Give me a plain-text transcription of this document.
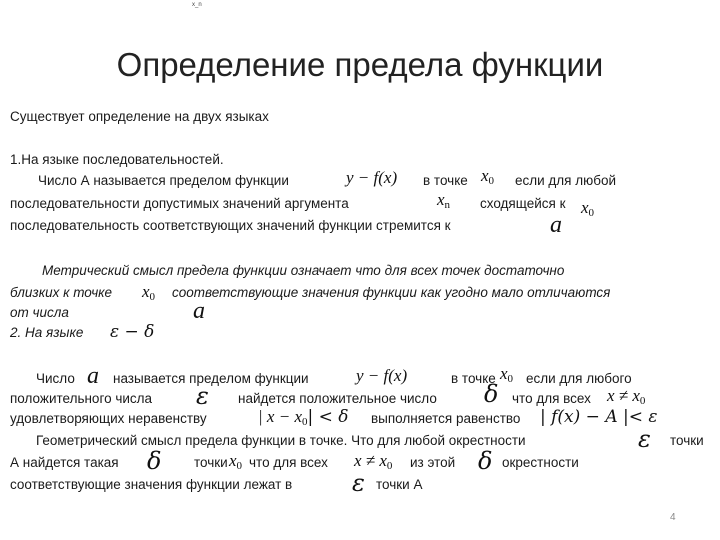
x_n
Определение предела функции
Существует определение на двух языках
1.На языке последовательностей.
Число А называется пределом функции	y − f(x) в точке $x_0$ если для любой
последовательности допустимых значений аргумента	$x_n$ сходящейся к $x_0$
последовательность соответствующих значений функции стремится к	a
Метрический смысл предела функции означает что для всех точек достаточно
близких к точке $x_0$ соответствующие значения функции как угодно мало отличаются
от числа	a
2. На языке ε − δ
Число a называется пределом функции	y − f(x)	в точке $x_0$ если для любого
положительного числа ε найдется положительное число δ что для всех $x \ne x_0$
удовлетворяющих неравенству	| $x - x_0| < \delta$ выполняется равенство | f(x) − A |< ε
Геометрический смысл предела функции в точке. Что для любой окрестности	ε точки
А найдется такая δ точки $x_0$ что для всех $x \ne x_0$ из этой δ окрестности
соответствующие значения функции лежат в ε точки А
4
